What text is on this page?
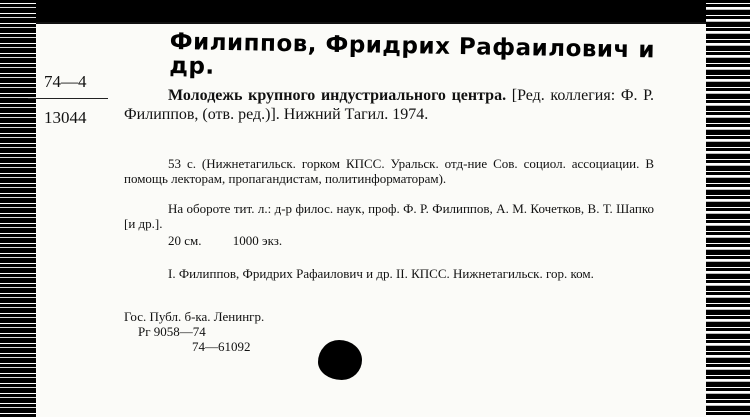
Филиппов, Фридрих Рафаилович и др.
74—4
13044
Молодежь крупного индустриального центра. [Ред. коллегия: Ф. Р. Филиппов, (отв. ред.)]. Нижний Тагил. 1974.
53 с. (Нижнетагильск. горком КПСС. Уральск. отд-ние Сов. социол. ассоциации. В помощь лекторам, пропагандистам, политинформаторам).
На обороте тит. л.: д-р филос. наук, проф. Ф. Р. Филиппов, А. М. Кочетков, В. Т. Шапко [и др.].
20 см. 1000 экз.
I. Филиппов, Фридрих Рафаилович и др. II. КПСС. Нижнетагильск. гор. ком.
Гос. Публ. б-ка. Ленингр.
Рг 9058—74
74—61092
